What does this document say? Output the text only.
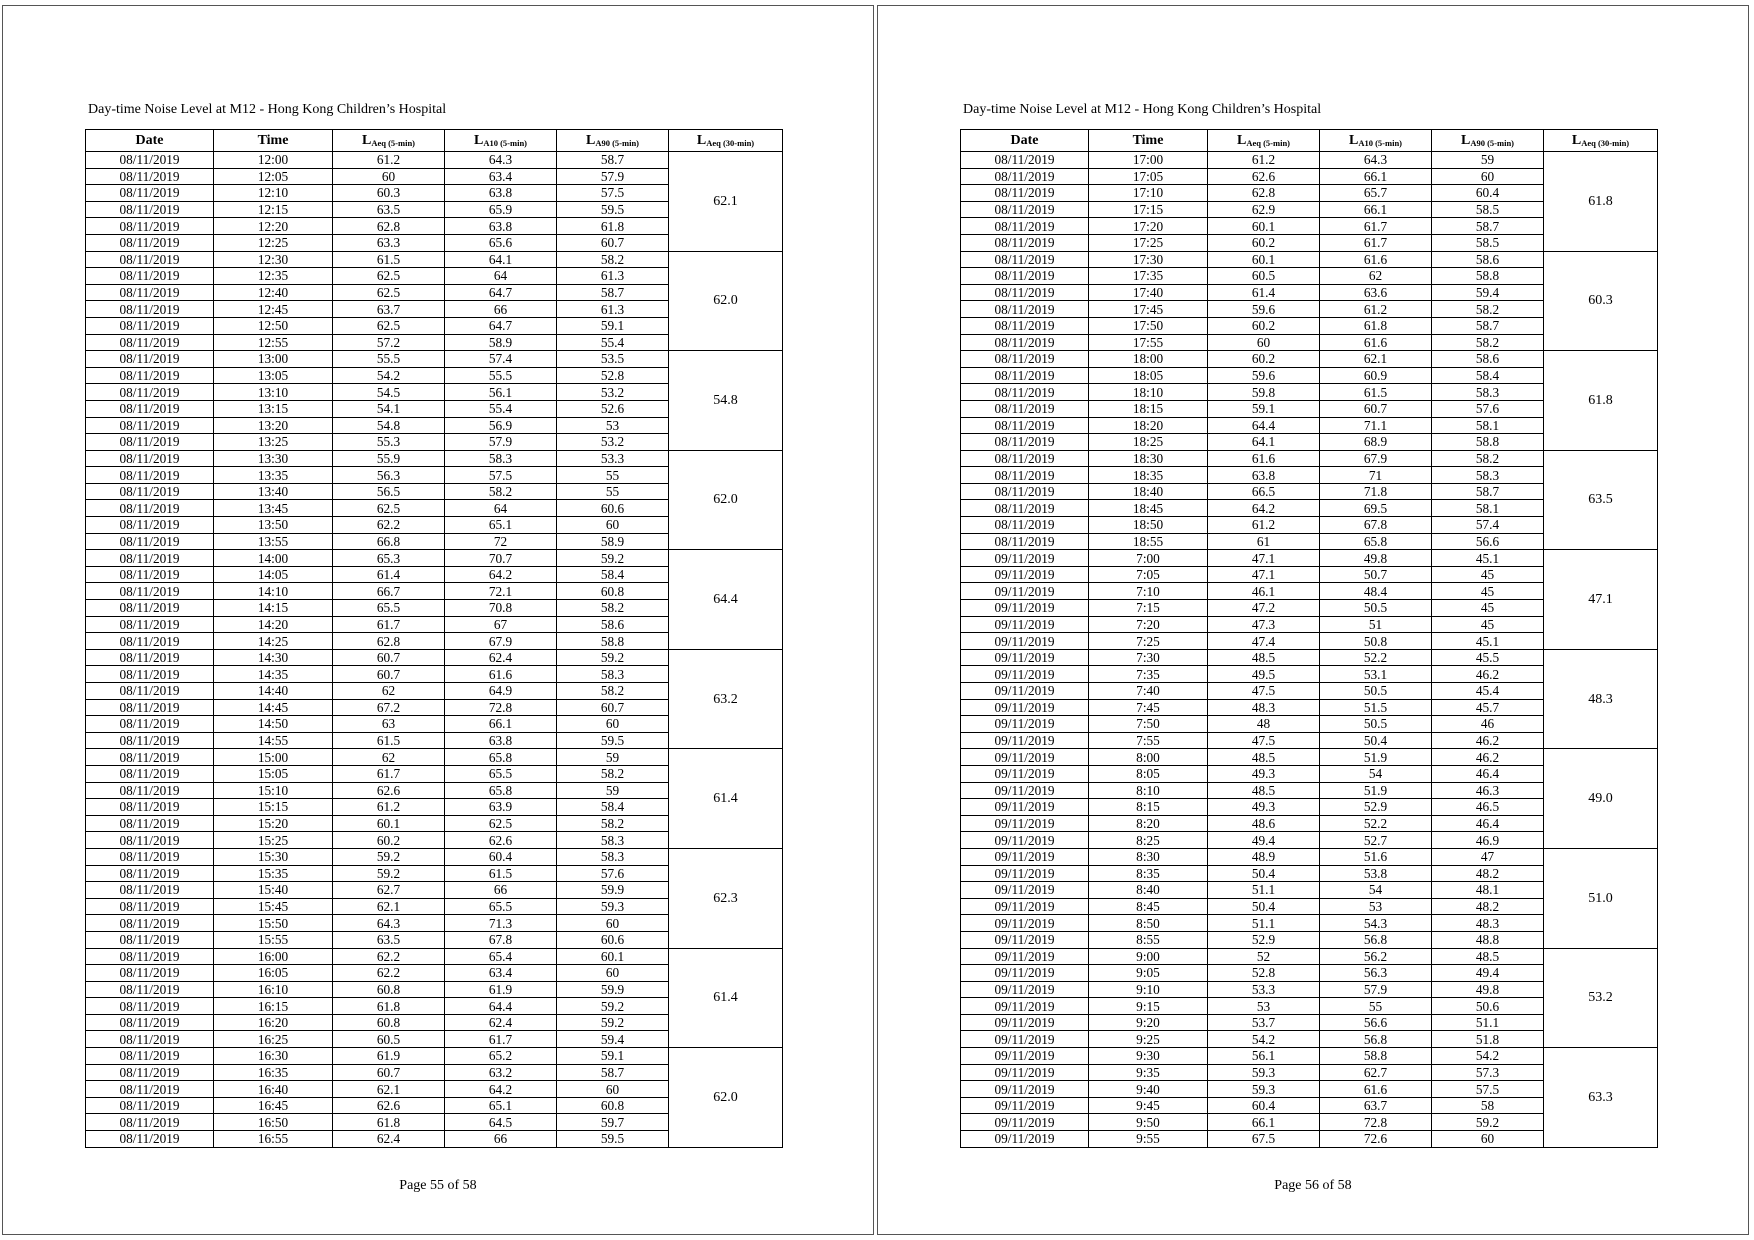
Day-time Noise Level at M12 - Hong Kong Children’s Hospital
Date	Time	$L_{Aeq (5-min)}$	$L_{A10 (5-min)}$	$L_{A90 (5-min)}$	$L_{Aeq (30-min)}$
08/11/2019	12:00	61.2	64.3	58.7	62.1
08/11/2019	12:05	60	63.4	57.9	
08/11/2019	12:10	60.3	63.8	57.5	
08/11/2019	12:15	63.5	65.9	59.5	
08/11/2019	12:20	62.8	63.8	61.8	
08/11/2019	12:25	63.3	65.6	60.7	
08/11/2019	12:30	61.5	64.1	58.2	62.0
08/11/2019	12:35	62.5	64	61.3	
08/11/2019	12:40	62.5	64.7	58.7	
08/11/2019	12:45	63.7	66	61.3	
08/11/2019	12:50	62.5	64.7	59.1	
08/11/2019	12:55	57.2	58.9	55.4	
08/11/2019	13:00	55.5	57.4	53.5	54.8
08/11/2019	13:05	54.2	55.5	52.8	
08/11/2019	13:10	54.5	56.1	53.2	
08/11/2019	13:15	54.1	55.4	52.6	
08/11/2019	13:20	54.8	56.9	53	
08/11/2019	13:25	55.3	57.9	53.2	
08/11/2019	13:30	55.9	58.3	53.3	62.0
08/11/2019	13:35	56.3	57.5	55	
08/11/2019	13:40	56.5	58.2	55	
08/11/2019	13:45	62.5	64	60.6	
08/11/2019	13:50	62.2	65.1	60	
08/11/2019	13:55	66.8	72	58.9	
08/11/2019	14:00	65.3	70.7	59.2	64.4
08/11/2019	14:05	61.4	64.2	58.4	
08/11/2019	14:10	66.7	72.1	60.8	
08/11/2019	14:15	65.5	70.8	58.2	
08/11/2019	14:20	61.7	67	58.6	
08/11/2019	14:25	62.8	67.9	58.8	
08/11/2019	14:30	60.7	62.4	59.2	63.2
08/11/2019	14:35	60.7	61.6	58.3	
08/11/2019	14:40	62	64.9	58.2	
08/11/2019	14:45	67.2	72.8	60.7	
08/11/2019	14:50	63	66.1	60	
08/11/2019	14:55	61.5	63.8	59.5	
08/11/2019	15:00	62	65.8	59	61.4
08/11/2019	15:05	61.7	65.5	58.2	
08/11/2019	15:10	62.6	65.8	59	
08/11/2019	15:15	61.2	63.9	58.4	
08/11/2019	15:20	60.1	62.5	58.2	
08/11/2019	15:25	60.2	62.6	58.3	
08/11/2019	15:30	59.2	60.4	58.3	62.3
08/11/2019	15:35	59.2	61.5	57.6	
08/11/2019	15:40	62.7	66	59.9	
08/11/2019	15:45	62.1	65.5	59.3	
08/11/2019	15:50	64.3	71.3	60	
08/11/2019	15:55	63.5	67.8	60.6	
08/11/2019	16:00	62.2	65.4	60.1	61.4
08/11/2019	16:05	62.2	63.4	60	
08/11/2019	16:10	60.8	61.9	59.9	
08/11/2019	16:15	61.8	64.4	59.2	
08/11/2019	16:20	60.8	62.4	59.2	
08/11/2019	16:25	60.5	61.7	59.4	
08/11/2019	16:30	61.9	65.2	59.1	62.0
08/11/2019	16:35	60.7	63.2	58.7	
08/11/2019	16:40	62.1	64.2	60	
08/11/2019	16:45	62.6	65.1	60.8	
08/11/2019	16:50	61.8	64.5	59.7	
08/11/2019	16:55	62.4	66	59.5	
Page 55 of 58
Day-time Noise Level at M12 - Hong Kong Children’s Hospital
Date	Time	$L_{Aeq (5-min)}$	$L_{A10 (5-min)}$	$L_{A90 (5-min)}$	$L_{Aeq (30-min)}$
08/11/2019	17:00	61.2	64.3	59	61.8
08/11/2019	17:05	62.6	66.1	60	
08/11/2019	17:10	62.8	65.7	60.4	
08/11/2019	17:15	62.9	66.1	58.5	
08/11/2019	17:20	60.1	61.7	58.7	
08/11/2019	17:25	60.2	61.7	58.5	
08/11/2019	17:30	60.1	61.6	58.6	60.3
08/11/2019	17:35	60.5	62	58.8	
08/11/2019	17:40	61.4	63.6	59.4	
08/11/2019	17:45	59.6	61.2	58.2	
08/11/2019	17:50	60.2	61.8	58.7	
08/11/2019	17:55	60	61.6	58.2	
08/11/2019	18:00	60.2	62.1	58.6	61.8
08/11/2019	18:05	59.6	60.9	58.4	
08/11/2019	18:10	59.8	61.5	58.3	
08/11/2019	18:15	59.1	60.7	57.6	
08/11/2019	18:20	64.4	71.1	58.1	
08/11/2019	18:25	64.1	68.9	58.8	
08/11/2019	18:30	61.6	67.9	58.2	63.5
08/11/2019	18:35	63.8	71	58.3	
08/11/2019	18:40	66.5	71.8	58.7	
08/11/2019	18:45	64.2	69.5	58.1	
08/11/2019	18:50	61.2	67.8	57.4	
08/11/2019	18:55	61	65.8	56.6	
09/11/2019	7:00	47.1	49.8	45.1	47.1
09/11/2019	7:05	47.1	50.7	45	
09/11/2019	7:10	46.1	48.4	45	
09/11/2019	7:15	47.2	50.5	45	
09/11/2019	7:20	47.3	51	45	
09/11/2019	7:25	47.4	50.8	45.1	
09/11/2019	7:30	48.5	52.2	45.5	48.3
09/11/2019	7:35	49.5	53.1	46.2	
09/11/2019	7:40	47.5	50.5	45.4	
09/11/2019	7:45	48.3	51.5	45.7	
09/11/2019	7:50	48	50.5	46	
09/11/2019	7:55	47.5	50.4	46.2	
09/11/2019	8:00	48.5	51.9	46.2	49.0
09/11/2019	8:05	49.3	54	46.4	
09/11/2019	8:10	48.5	51.9	46.3	
09/11/2019	8:15	49.3	52.9	46.5	
09/11/2019	8:20	48.6	52.2	46.4	
09/11/2019	8:25	49.4	52.7	46.9	
09/11/2019	8:30	48.9	51.6	47	51.0
09/11/2019	8:35	50.4	53.8	48.2	
09/11/2019	8:40	51.1	54	48.1	
09/11/2019	8:45	50.4	53	48.2	
09/11/2019	8:50	51.1	54.3	48.3	
09/11/2019	8:55	52.9	56.8	48.8	
09/11/2019	9:00	52	56.2	48.5	53.2
09/11/2019	9:05	52.8	56.3	49.4	
09/11/2019	9:10	53.3	57.9	49.8	
09/11/2019	9:15	53	55	50.6	
09/11/2019	9:20	53.7	56.6	51.1	
09/11/2019	9:25	54.2	56.8	51.8	
09/11/2019	9:30	56.1	58.8	54.2	63.3
09/11/2019	9:35	59.3	62.7	57.3	
09/11/2019	9:40	59.3	61.6	57.5	
09/11/2019	9:45	60.4	63.7	58	
09/11/2019	9:50	66.1	72.8	59.2	
09/11/2019	9:55	67.5	72.6	60	
Page 56 of 58
